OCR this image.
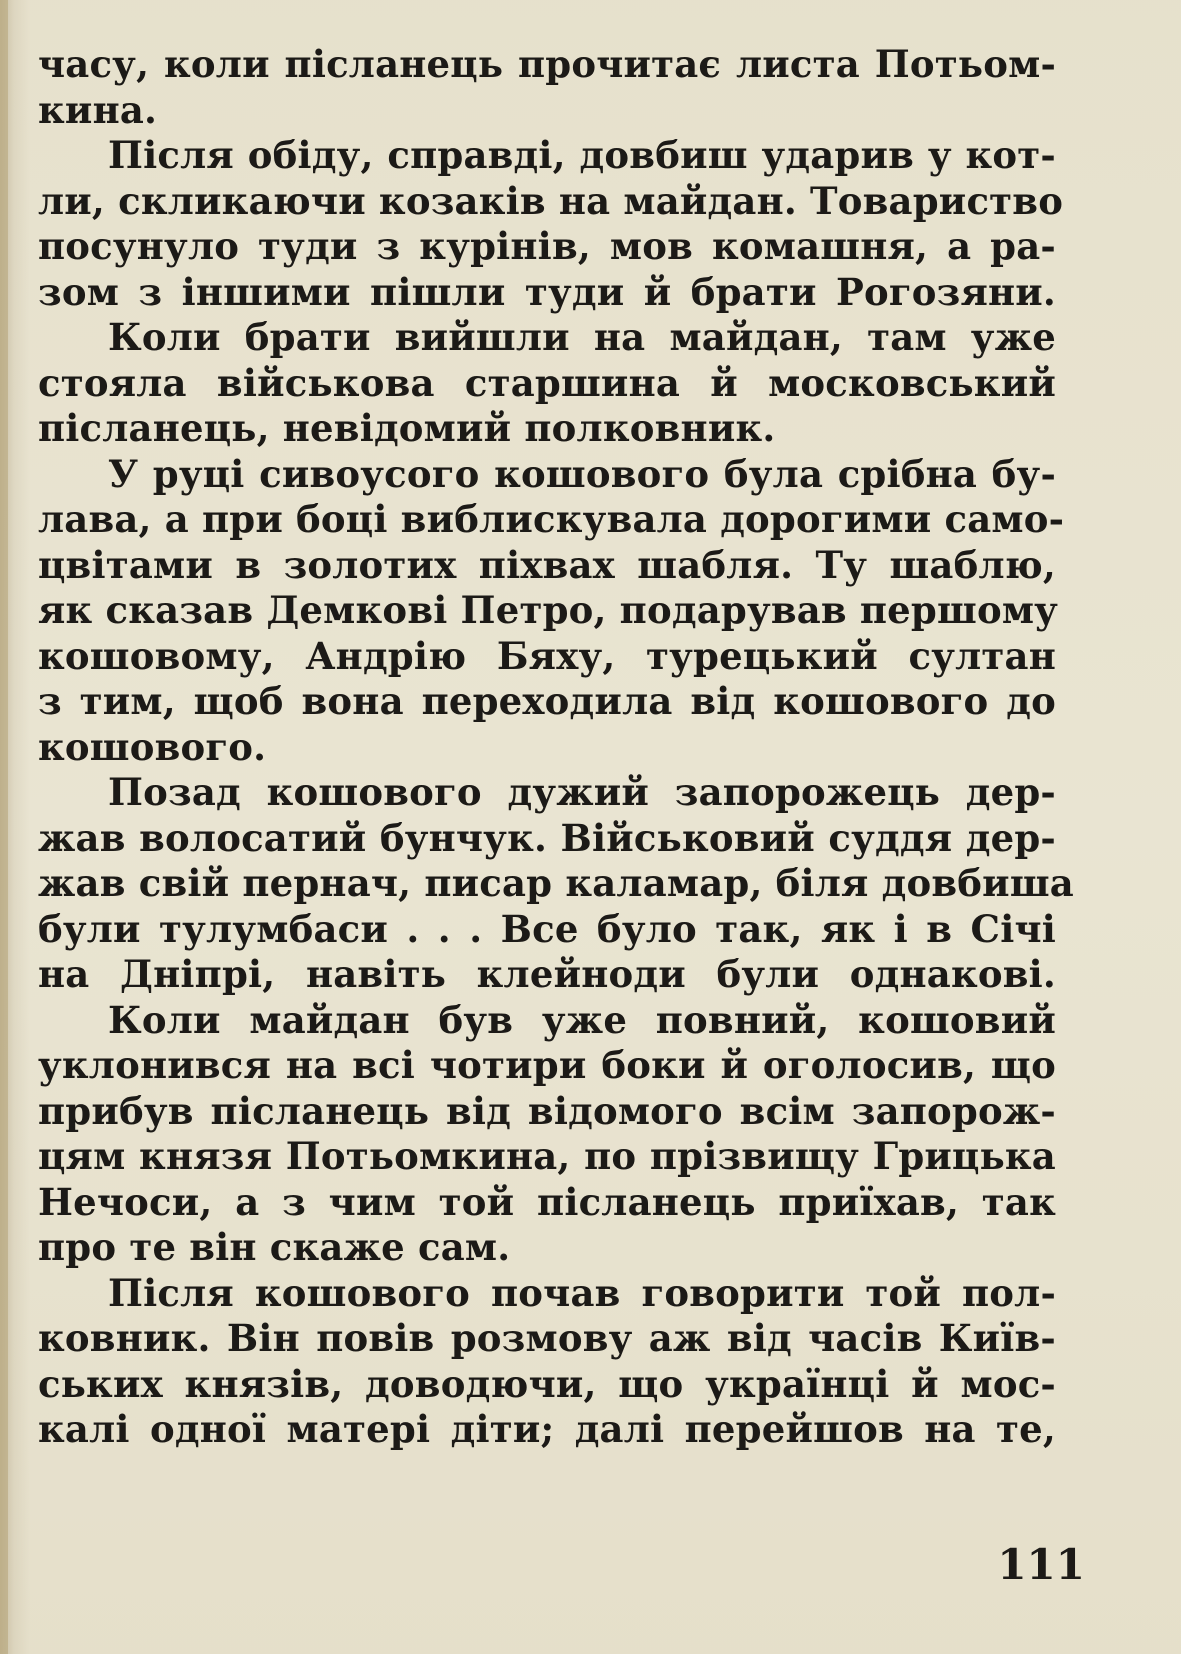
часу, коли післанець прочитає листа Потьом-
кина.
Після обіду, справді, довбиш ударив у кот-
ли, скликаючи козаків на майдан. Товариство
посунуло туди з курінів, мов комашня, а ра-
зом з іншими пішли туди й брати Рогозяни.
Коли брати вийшли на майдан, там уже
стояла військова старшина й московський
післанець, невідомий полковник.
У руці сивоусого кошового була срібна бу-
лава, а при боці виблискувала дорогими само-
цвітами в золотих піхвах шабля. Ту шаблю,
як сказав Демкові Петро, подарував першому
кошовому, Андрію Бяху, турецький султан
з тим, щоб вона переходила від кошового до
кошового.
Позад кошового дужий запорожець дер-
жав волосатий бунчук. Військовий суддя дер-
жав свій пернач, писар каламар, біля довбиша
були тулумбаси . . . Все було так, як і в Січі
на Дніпрі, навіть клейноди були однакові.
Коли майдан був уже повний, кошовий
уклонився на всі чотири боки й оголосив, що
прибув післанець від відомого всім запорож-
цям князя Потьомкина, по прізвищу Грицька
Нечоси, а з чим той післанець приїхав, так
про те він скаже сам.
Після кошового почав говорити той пол-
ковник. Він повів розмову аж від часів Київ-
ських князів, доводючи, що українці й мос-
калі одної матері діти; далі перейшов на те,
111
